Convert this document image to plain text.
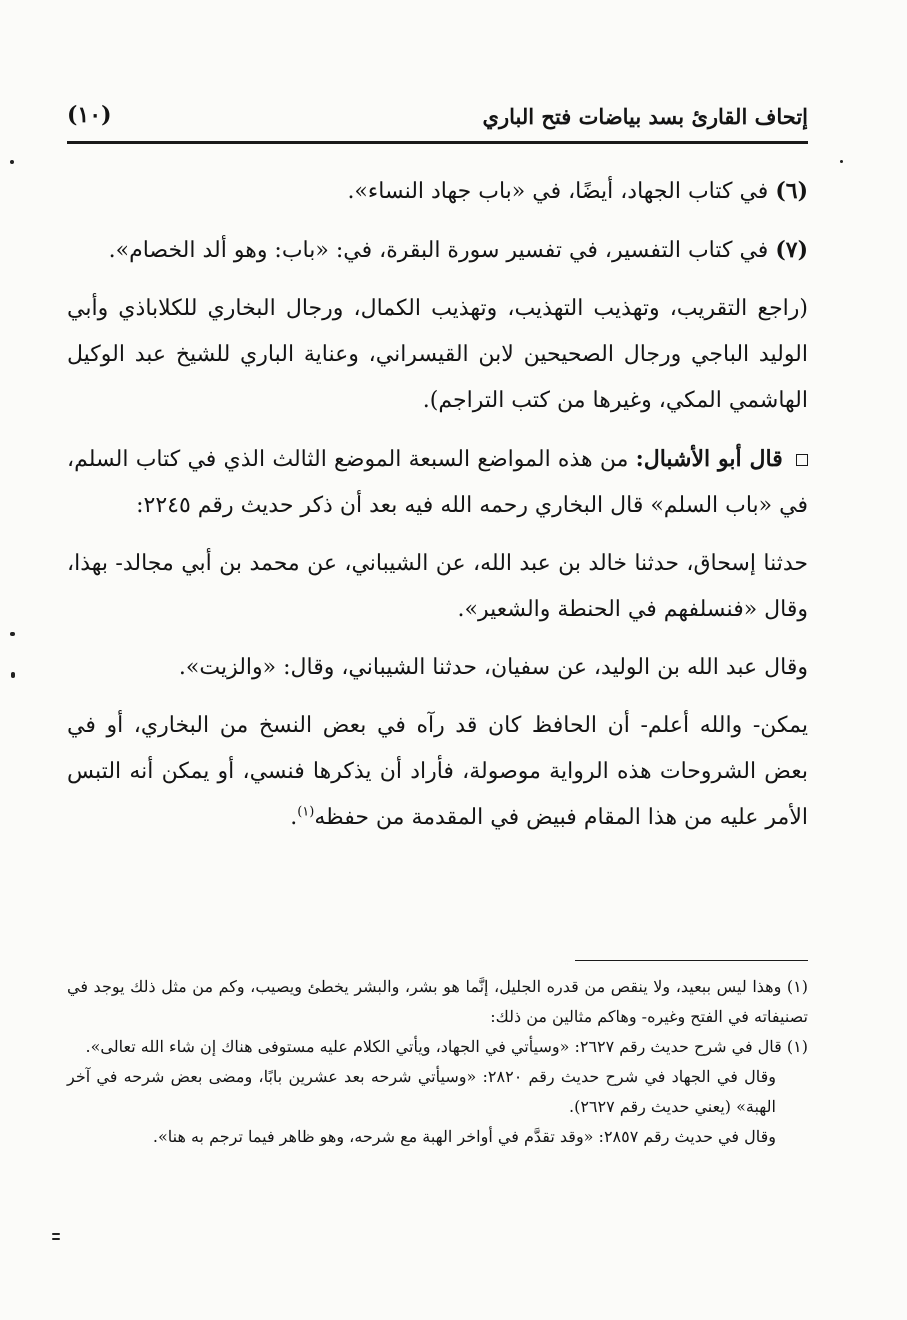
إتحاف القارئ بسد بياضات فتح الباري
(١٠)

(٦) في كتاب الجهاد، أيضًا، في «باب جهاد النساء».

(٧) في كتاب التفسير، في تفسير سورة البقرة، في: «باب: وهو ألد الخصام».

(راجع التقريب، وتهذيب التهذيب، وتهذيب الكمال، ورجال البخاري للكلاباذي وأبي الوليد الباجي ورجال الصحيحين لابن القيسراني، وعناية الباري للشيخ عبد الوكيل الهاشمي المكي، وغيرها من كتب التراجم).

قال أبو الأشبال: من هذه المواضع السبعة الموضع الثالث الذي في كتاب السلم، في «باب السلم» قال البخاري رحمه الله فيه بعد أن ذكر حديث رقم ٢٢٤٥:

حدثنا إسحاق، حدثنا خالد بن عبد الله، عن الشيباني، عن محمد بن أبي مجالد- بهذا، وقال «فنسلفهم في الحنطة والشعير».

وقال عبد الله بن الوليد، عن سفيان، حدثنا الشيباني، وقال: «والزيت».

يمكن- والله أعلم- أن الحافظ كان قد رآه في بعض النسخ من البخاري، أو في بعض الشروحات هذه الرواية موصولة، فأراد أن يذكرها فنسي، أو يمكن أنه التبس الأمر عليه من هذا المقام فبيض في المقدمة من حفظه$^{(١)}$.

(١) وهذا ليس ببعيد، ولا ينقص من قدره الجليل، إنَّما هو بشر، والبشر يخطئ ويصيب، وكم من مثل ذلك يوجد في تصنيفاته في الفتح وغيره- وهاكم مثالين من ذلك:

(١) قال في شرح حديث رقم ٢٦٢٧: «وسيأتي في الجهاد، ويأتي الكلام عليه مستوفى هناك إن شاء الله تعالى».

وقال في الجهاد في شرح حديث رقم ٢٨٢٠: «وسيأتي شرحه بعد عشرين بابًا، ومضى بعض شرحه في آخر الهبة» (يعني حديث رقم ٢٦٢٧).

وقال في حديث رقم ٢٨٥٧: «وقد تقدَّم في أواخر الهبة مع شرحه، وهو ظاهر فيما ترجم به هنا».
